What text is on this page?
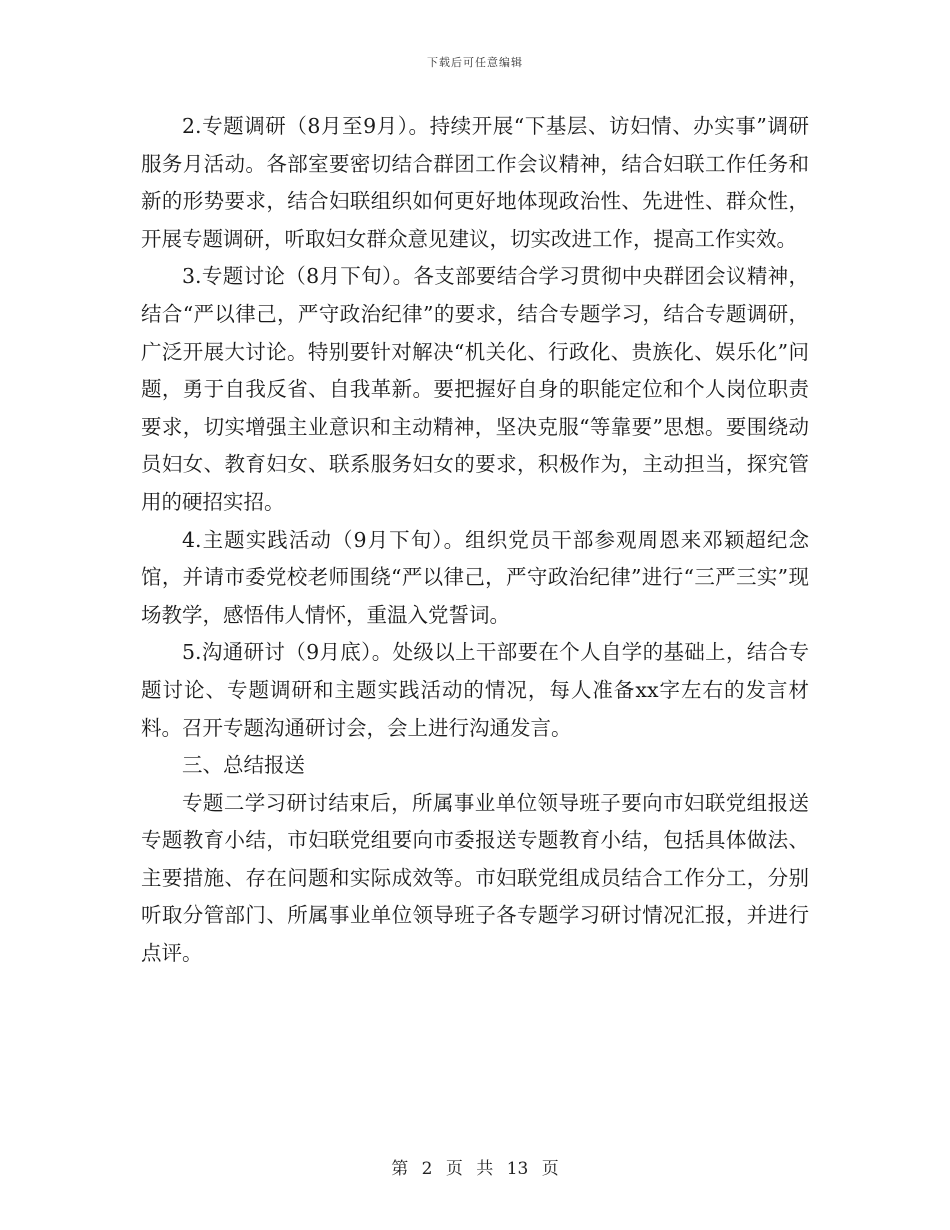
下载后可任意编辑

2.专题调研（8月至9月）。持续开展“下基层、访妇情、办实事”调研服务月活动。各部室要密切结合群团工作会议精神，结合妇联工作任务和新的形势要求，结合妇联组织如何更好地体现政治性、先进性、群众性，开展专题调研，听取妇女群众意见建议，切实改进工作，提高工作实效。

3.专题讨论（8月下旬）。各支部要结合学习贯彻中央群团会议精神，结合“严以律己，严守政治纪律”的要求，结合专题学习，结合专题调研，广泛开展大讨论。特别要针对解决“机关化、行政化、贵族化、娱乐化”问题，勇于自我反省、自我革新。要把握好自身的职能定位和个人岗位职责要求，切实增强主业意识和主动精神，坚决克服“等靠要”思想。要围绕动员妇女、教育妇女、联系服务妇女的要求，积极作为，主动担当，探究管用的硬招实招。

4.主题实践活动（9月下旬）。组织党员干部参观周恩来邓颖超纪念馆，并请市委党校老师围绕“严以律己，严守政治纪律”进行“三严三实”现场教学，感悟伟人情怀，重温入党誓词。

5.沟通研讨（9月底）。处级以上干部要在个人自学的基础上，结合专题讨论、专题调研和主题实践活动的情况，每人准备xx字左右的发言材料。召开专题沟通研讨会，会上进行沟通发言。

三、总结报送

专题二学习研讨结束后，所属事业单位领导班子要向市妇联党组报送专题教育小结，市妇联党组要向市委报送专题教育小结，包括具体做法、主要措施、存在问题和实际成效等。市妇联党组成员结合工作分工，分别听取分管部门、所属事业单位领导班子各专题学习研讨情况汇报，并进行点评。

第 2 页 共 13 页
